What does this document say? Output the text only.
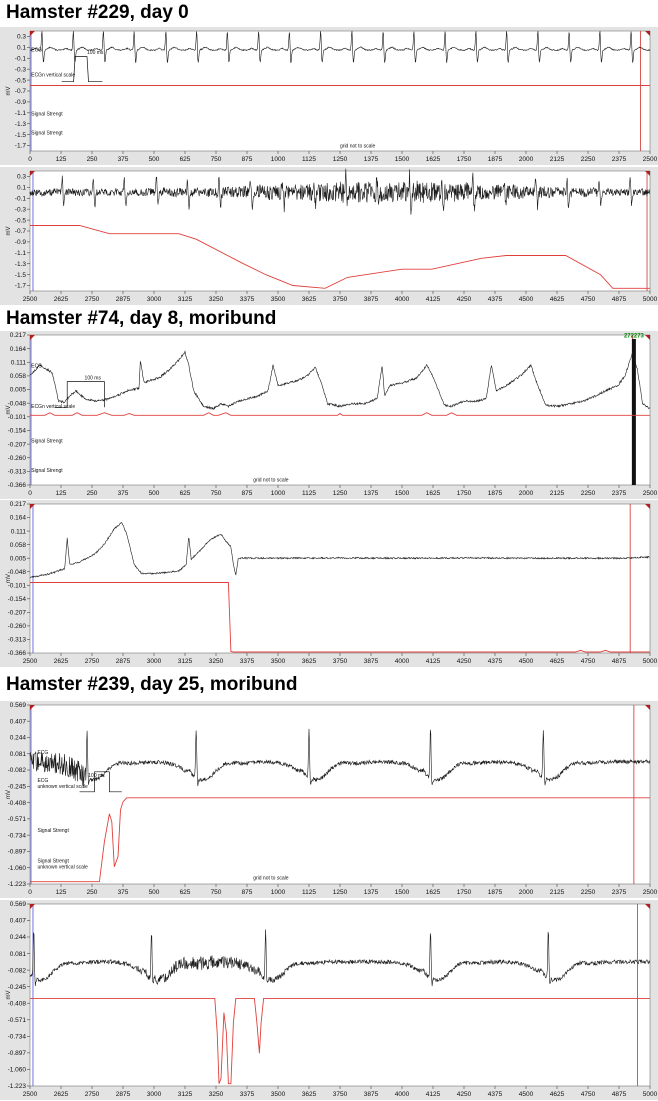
Hamster #229, day 0
0.3
0.1
-0.1
-0.3
-0.5
-0.7
-0.9
-1.1
-1.3
-1.5
-1.7
0	125	250	375	500	625	750	875	1000	1125	1250	1375	1500	1625	1750	1875	2000	2125	2250	2375	2500
mV
ECG	100 ms
ECGn vertical scale
Signal Strengt
Signal Strengt
grid not to scale
0.3
0.1
-0.1
-0.3
-0.5
-0.7
-0.9
-1.1
-1.3
-1.5
-1.7
2500	2625	2750	2875	3000	3125	3250	3375	3500	3625	3750	3875	4000	4125	4250	4375	4500	4625	4750	4875	5000
mV
Hamster #74, day 8, moribund
0.217
0.164
0.111
0.058
0.005
-0.048
-0.101
-0.154
-0.207
-0.260
-0.313
-0.366
0	125	250	375	500	625	750	875	1000	1125	1250	1375	1500	1625	1750	1875	2000	2125	2250	2375	2500
mV
ECG
100 ms
ECGn vertical scale
Signal Strengt
Signal Strengt
grid not to scale
272 273
0.217
0.164
0.111
0.058
0.005
-0.048
-0.101
-0.154
-0.207
-0.260
-0.313
-0.366
2500	2625	2750	2875	3000	3125	3250	3375	3500	3625	3750	3875	4000	4125	4250	4375	4500	4625	4750	4875	5000
mV
Hamster #239, day 25, moribund
0.569
0.407
0.244
0.081
-0.082
-0.245
-0.408
-0.571
-0.734
-0.897
-1.060
-1.223
0	125	250	375	500	625	750	875	1000	1125	1250	1375	1500	1625	1750	1875	2000	2125	2250	2375	2500
mV
ECG
100 ms
ECG
unknown vertical scale
Signal Strengt
Signal Strengt
unknown vertical scale
grid not to scale
0.569
0.407
0.244
0.081
-0.082
-0.245
-0.408
-0.571
-0.734
-0.897
-1.060
-1.223
2500	2625	2750	2875	3000	3125	3250	3375	3500	3625	3750	3875	4000	4125	4250	4375	4500	4625	4750	4875	5000
mV
